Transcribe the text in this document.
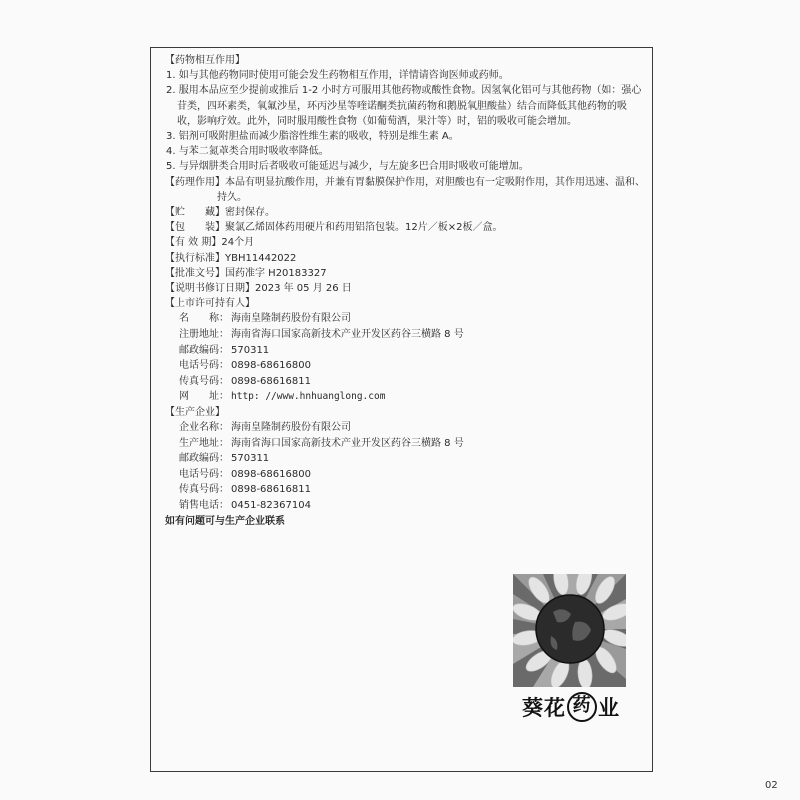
【药物相互作用】
1. 如与其他药物同时使用可能会发生药物相互作用，详情请咨询医师或药师。
2. 服用本品应至少提前或推后 1-2 小时方可服用其他药物或酸性食物。因氢氧化铝可与其他药物（如：强心苷类，四环素类，氧氟沙星，环丙沙星等喹诺酮类抗菌药物和鹅脱氧胆酸盐）结合而降低其他药物的吸收，影响疗效。此外，同时服用酸性食物（如葡萄酒，果汁等）时，铝的吸收可能会增加。
3. 铝剂可吸附胆盐而减少脂溶性维生素的吸收，特别是维生素 A。
4. 与苯二氮䓬类合用时吸收率降低。
5. 与异烟肼类合用时后者吸收可能延迟与减少，与左旋多巴合用时吸收可能增加。
【药理作用】本品有明显抗酸作用，并兼有胃黏膜保护作用，对胆酸也有一定吸附作用，其作用迅速、温和、持久。
【贮　　藏】密封保存。
【包　　装】聚氯乙烯固体药用硬片和药用铝箔包装。12片／板×2板／盒。
【有 效 期】24个月
【执行标准】YBH11442022
【批准文号】国药准字 H20183327
【说明书修订日期】2023 年 05 月 26 日
【上市许可持有人】
名　　称： 海南皇隆制药股份有限公司
注册地址： 海南省海口国家高新技术产业开发区药谷三横路 8 号
邮政编码： 570311
电话号码： 0898-68616800
传真号码： 0898-68616811
网　　址： http: //www.hnhuanglong.com
【生产企业】
企业名称： 海南皇隆制药股份有限公司
生产地址： 海南省海口国家高新技术产业开发区药谷三横路 8 号
邮政编码： 570311
电话号码： 0898-68616800
传真号码： 0898-68616811
销售电话： 0451-82367104
如有问题可与生产企业联系
葵花 药 业
02
